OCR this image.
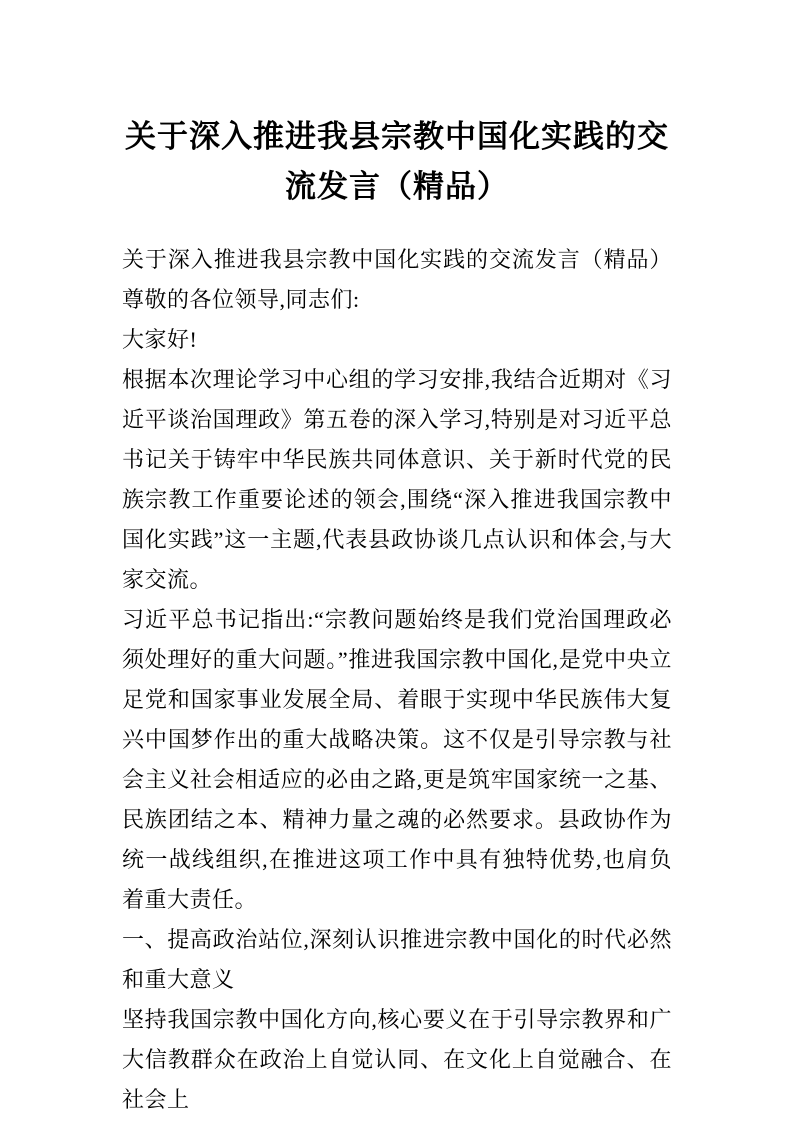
关于深入推进我县宗教中国化实践的交流发言（精品）

关于深入推进我县宗教中国化实践的交流发言（精品）尊敬的各位领导,同志们:

大家好!

根据本次理论学习中心组的学习安排,我结合近期对《习近平谈治国理政》第五卷的深入学习,特别是对习近平总书记关于铸牢中华民族共同体意识、关于新时代党的民族宗教工作重要论述的领会,围绕“深入推进我国宗教中国化实践”这一主题,代表县政协谈几点认识和体会,与大家交流。

习近平总书记指出:“宗教问题始终是我们党治国理政必须处理好的重大问题。”推进我国宗教中国化,是党中央立足党和国家事业发展全局、着眼于实现中华民族伟大复兴中国梦作出的重大战略决策。这不仅是引导宗教与社会主义社会相适应的必由之路,更是筑牢国家统一之基、民族团结之本、精神力量之魂的必然要求。县政协作为统一战线组织,在推进这项工作中具有独特优势,也肩负着重大责任。

一、提高政治站位,深刻认识推进宗教中国化的时代必然和重大意义

坚持我国宗教中国化方向,核心要义在于引导宗教界和广大信教群众在政治上自觉认同、在文化上自觉融合、在社会上
